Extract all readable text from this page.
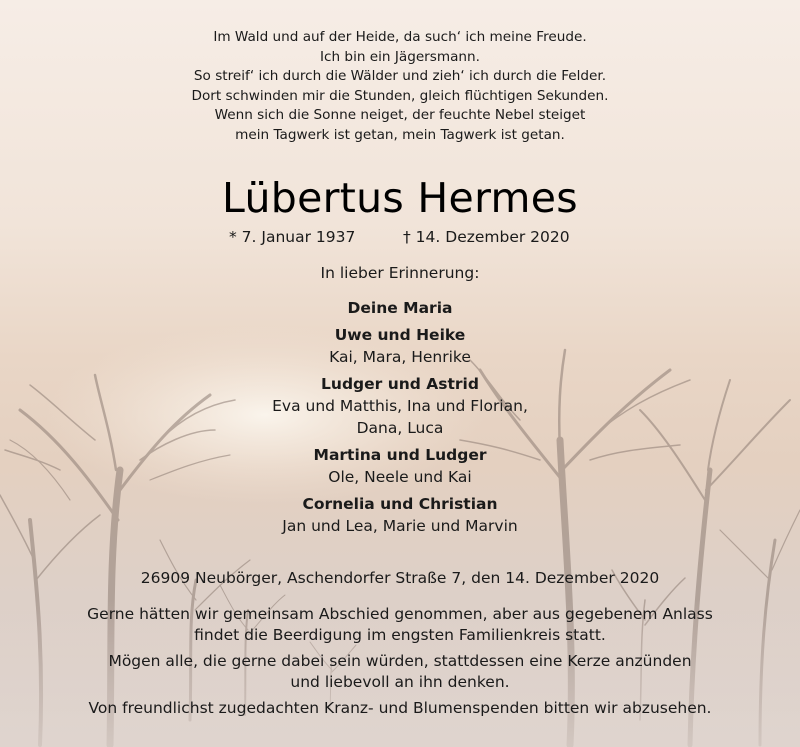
Im Wald und auf der Heide, da such‘ ich meine Freude.
Ich bin ein Jägersmann.
So streif‘ ich durch die Wälder und zieh‘ ich durch die Felder.
Dort schwinden mir die Stunden, gleich flüchtigen Sekunden.
Wenn sich die Sonne neiget, der feuchte Nebel steiget
mein Tagwerk ist getan, mein Tagwerk ist getan.
Lübertus Hermes
* 7. Januar 1937	† 14. Dezember 2020
In lieber Erinnerung:
Deine Maria
Uwe und Heike
Kai, Mara, Henrike
Ludger und Astrid
Eva und Matthis, Ina und Florian,
Dana, Luca
Martina und Ludger
Ole, Neele und Kai
Cornelia und Christian
Jan und Lea, Marie und Marvin
26909 Neubörger, Aschendorfer Straße 7, den 14. Dezember 2020
Gerne hätten wir gemeinsam Abschied genommen, aber aus gegebenem Anlass
findet die Beerdigung im engsten Familienkreis statt.
Mögen alle, die gerne dabei sein würden, stattdessen eine Kerze anzünden
und liebevoll an ihn denken.
Von freundlichst zugedachten Kranz- und Blumenspenden bitten wir abzusehen.
